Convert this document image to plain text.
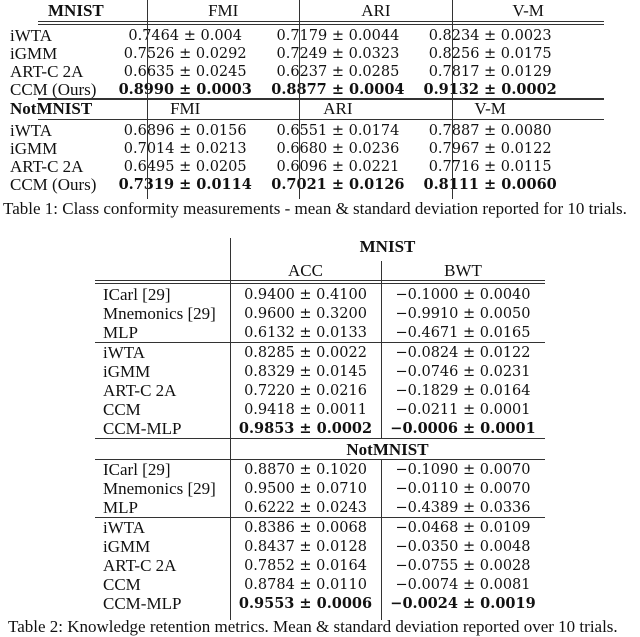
MNIST	FMI	ARI	V-M
iWTA	0.7464 ± 0.004	0.7179 ± 0.0044	0.8234 ± 0.0023
iGMM	0.7526 ± 0.0292	0.7249 ± 0.0323	0.8256 ± 0.0175
ART-C 2A	0.6635 ± 0.0245	0.6237 ± 0.0285	0.7817 ± 0.0129
CCM (Ours)	0.8990 ± 0.0003	0.8877 ± 0.0004	0.9132 ± 0.0002
NotMNIST	FMI	ARI	V-M
iWTA	0.6896 ± 0.0156	0.6551 ± 0.0174	0.7887 ± 0.0080
iGMM	0.7014 ± 0.0213	0.6680 ± 0.0236	0.7967 ± 0.0122
ART-C 2A	0.6495 ± 0.0205	0.6096 ± 0.0221	0.7716 ± 0.0115
CCM (Ours)	0.7319 ± 0.0114	0.7021 ± 0.0126	0.8111 ± 0.0060
Table 1: Class conformity measurements - mean & standard deviation reported for 10 trials.
MNIST
ACC	BWT
ICarl [29]	0.9400 ± 0.4100	−0.1000 ± 0.0040
Mnemonics [29]	0.9600 ± 0.3200	−0.9910 ± 0.0050
MLP	0.6132 ± 0.0133	−0.4671 ± 0.0165
iWTA	0.8285 ± 0.0022	−0.0824 ± 0.0122
iGMM	0.8329 ± 0.0145	−0.0746 ± 0.0231
ART-C 2A	0.7220 ± 0.0216	−0.1829 ± 0.0164
CCM	0.9418 ± 0.0011	−0.0211 ± 0.0001
CCM-MLP	0.9853 ± 0.0002	−0.0006 ± 0.0001
NotMNIST
ICarl [29]	0.8870 ± 0.1020	−0.1090 ± 0.0070
Mnemonics [29]	0.9500 ± 0.0710	−0.0110 ± 0.0070
MLP	0.6222 ± 0.0243	−0.4389 ± 0.0336
iWTA	0.8386 ± 0.0068	−0.0468 ± 0.0109
iGMM	0.8437 ± 0.0128	−0.0350 ± 0.0048
ART-C 2A	0.7852 ± 0.0164	−0.0755 ± 0.0028
CCM	0.8784 ± 0.0110	−0.0074 ± 0.0081
CCM-MLP	0.9553 ± 0.0006	−0.0024 ± 0.0019
Table 2: Knowledge retention metrics. Mean & standard deviation reported over 10 trials.
